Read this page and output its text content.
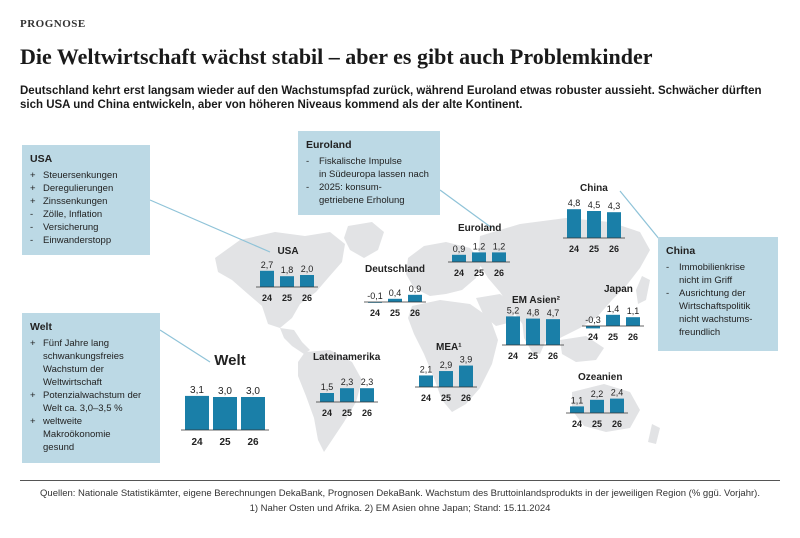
PROGNOSE
Die Weltwirtschaft wächst stabil – aber es gibt auch Problemkinder
Deutschland kehrt erst langsam wieder auf den Wachstumspfad zurück, während Euroland etwas robuster aussieht. Schwächer dürften sich USA und China entwickeln, aber von höheren Niveaus kommend als der alte Kontinent.
Welt
3,1
24
3,0
25
3,0
26
USA
2,7
24
1,8
25
2,0
26
Deutschland
-0,1
24
0,4
25
0,9
26
Euroland
0,9
24
1,2
25
1,2
26
China
4,8
24
4,5
25
4,3
26
Japan
-0,3
24
1,4
25
1,1
26
EM Asien²
5,2
24
4,8
25
4,7
26
Lateinamerika
1,5
24
2,3
25
2,3
26
MEA¹
2,1
24
2,9
25
3,9
26
Ozeanien
1,1
24
2,2
25
2,4
26
USA
+ Steuersenkungen
+ Deregulierungen
+ Zinssenkungen
-	Zölle, Inflation
-	Versicherung
-	Einwanderstopp
Euroland
-	Fiskalische Impulse
in Südeuropa lassen nach
-	2025: konsum-
getriebene Erholung
China
-	Immobilienkrise
nicht im Griff
-	Ausrichtung der
Wirtschaftspolitik
nicht wachstums-
freundlich
Welt
+ Fünf Jahre lang
schwankungsfreies
Wachstum der
Weltwirtschaft
+ Potenzialwachstum der
Welt ca. 3,0–3,5 %
+ weltweite
Makroökonomie
gesund
Quellen: Nationale Statistikämter, eigene Berechnungen DekaBank, Prognosen DekaBank. Wachstum des Bruttoinlandsprodukts in der jeweiligen Region (% ggü. Vorjahr).
1) Naher Osten und Afrika. 2) EM Asien ohne Japan; Stand: 15.11.2024
